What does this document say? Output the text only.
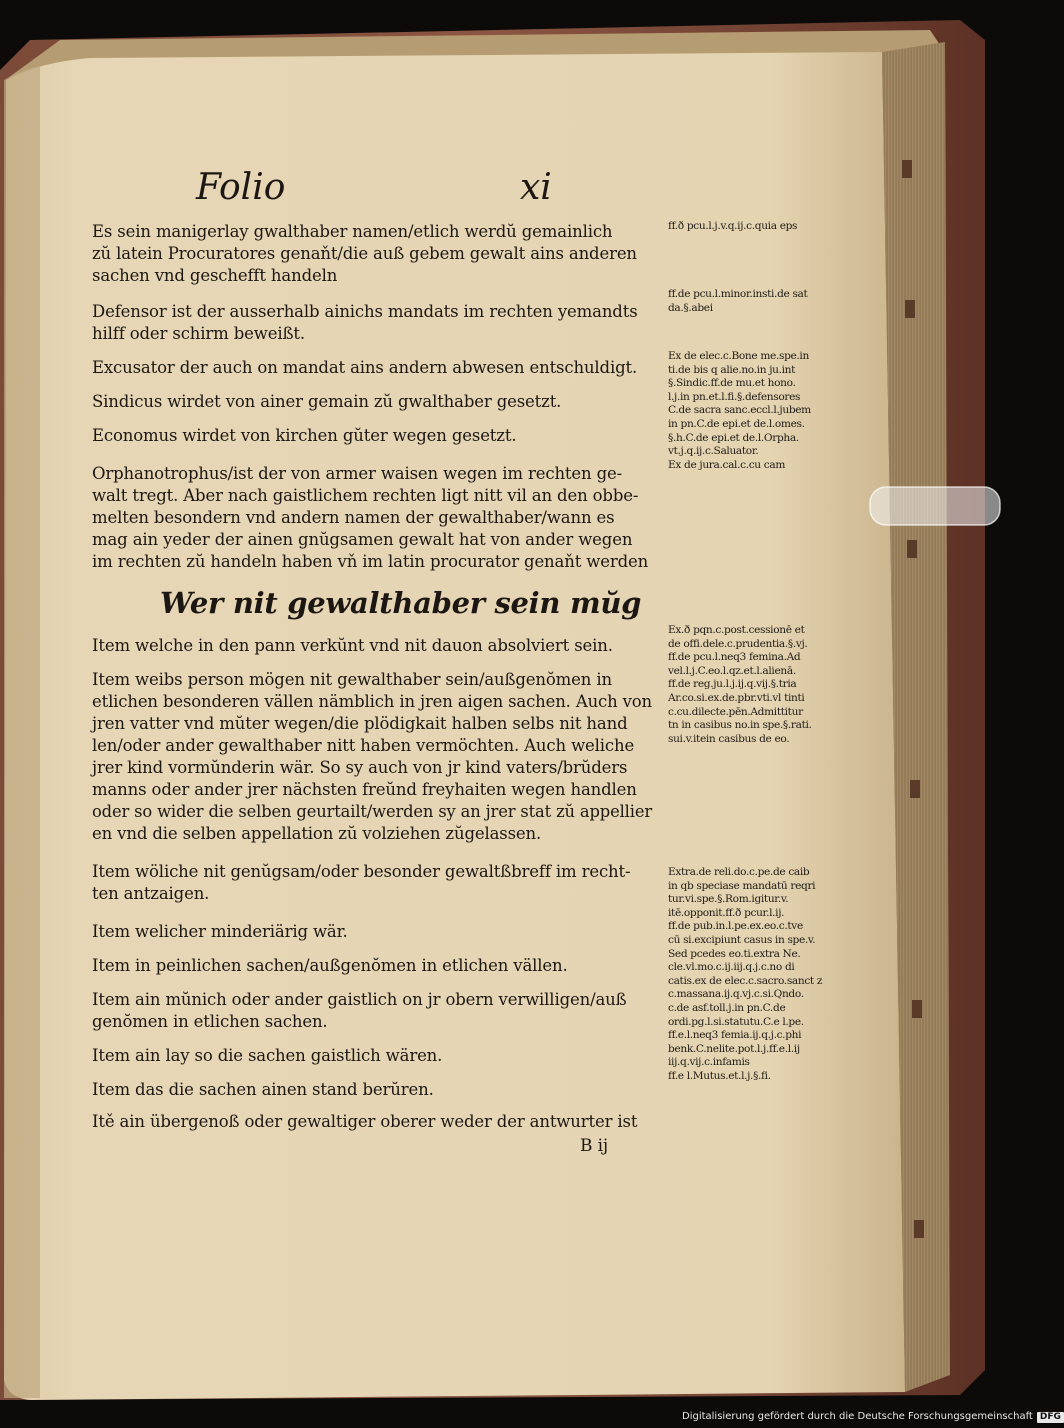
Folio	xi
Es sein manigerlay gwalthaber namen/etlich werdŭ gemainlich
zŭ latein Procuratores genaňt/die auß gebem gewalt ains anderen
sachen vnd geschefft handeln
Defensor ist der ausserhalb ainichs mandats im rechten yemandts
hilff oder schirm beweißt.
Excusator der auch on mandat ains andern abwesen entschuldigt.
Sindicus wirdet von ainer gemain zŭ gwalthaber gesetzt.
Economus wirdet von kirchen gŭter wegen gesetzt.
Orphanotrophus/ist der von armer waisen wegen im rechten ge-
walt tregt. Aber nach gaistlichem rechten ligt nitt vil an den obbe-
melten besondern vnd andern namen der gewalthaber/wann es
mag ain yeder der ainen gnŭgsamen gewalt hat von ander wegen
im rechten zŭ handeln haben vň im latin procurator genaňt werden
Wer nit gewalthaber sein mŭg
Item welche in den pann verkŭnt vnd nit dauon absolviert sein.
Item weibs person mögen nit gewalthaber sein/außgenŏmen in
etlichen besonderen vällen nämblich in jren aigen sachen. Auch von
jren vatter vnd mŭter wegen/die plödigkait halben selbs nit hand
len/oder ander gewalthaber nitt haben vermöchten. Auch weliche
jrer kind vormŭnderin wär. So sy auch von jr kind vaters/brŭders
manns oder ander jrer nächsten freŭnd freyhaiten wegen handlen
oder so wider die selben geurtailt/werden sy an jrer stat zŭ appellier
en vnd die selben appellation zŭ volziehen zŭgelassen.
Item wöliche nit genŭgsam/oder besonder gewaltßbreff im recht-
ten antzaigen.
Item welicher minderiärig wär.
Item in peinlichen sachen/außgenŏmen in etlichen vällen.
Item ain mŭnich oder ander gaistlich on jr obern verwilligen/auß
genŏmen in etlichen sachen.
Item ain lay so die sachen gaistlich wären.
Item das die sachen ainen stand berŭren.
Itě ain übergenoß oder gewaltiger oberer weder der antwurter ist
B ij
ff.ð pcu.l.j.v.q.ij.c.quia eps
ff.de pcu.l.minor.insti.de sat
da.§.abei
Ex de elec.c.Bone me.spe.in
ti.de bis q alie.no.in ju.int
§.Sindic.ff.de mu.et hono.
l.j.in pn.et.l.fi.§.defensores
C.de sacra sanc.eccl.l.jubem
in pn.C.de epi.et de.l.omes.
§.h.C.de epi.et de.l.Orpha.
vt.j.q.ij.c.Saluator.
Ex de jura.cal.c.cu cam
Ex.ð pqn.c.post.cessionē et
de offi.dele.c.prudentia.§.vj.
ff.de pcu.l.neq3 femina.Ad
vel.l.j.C.eo.l.qz.et.l.alienā.
ff.de reg.ju.l.j.ij.q.vij.§.tria
Ar.co.si.ex.de.pbr.vti.vl tinti
c.cu.dilecte.pēn.Admittitur
tn in casibus no.in spe.§.rati.
sui.v.itein casibus de eo.
Extra.de reli.do.c.pe.de caib
in qb speciase mandatū reqri
tur.vi.spe.§.Rom.igitur.v.
itē.opponit.ff.ð pcur.l.ij.
ff.de pub.in.l.pe.ex.eo.c.tve
cū si.excipiunt casus in spe.v.
Sed pcedes eo.ti.extra Ne.
cle.vl.mo.c.ij.iij.q.j.c.no di
catis.ex de elec.c.sacro.sanct z
c.massana.ij.q.vj.c.si.Qndo.
c.de asf.toll.j.in pn.C.de
ordi.pg.l.si.statutu.C.e l.pe.
ff.e.l.neq3 femia.ij.q.j.c.phi
benk.C.nelite.pot.l.j.ff.e.l.ij
iij.q.vij.c.infamis
ff.e l.Mutus.et.l.j.§.fi.
Digitalisierung gefördert durch die Deutsche Forschungsgemeinschaft DFG
